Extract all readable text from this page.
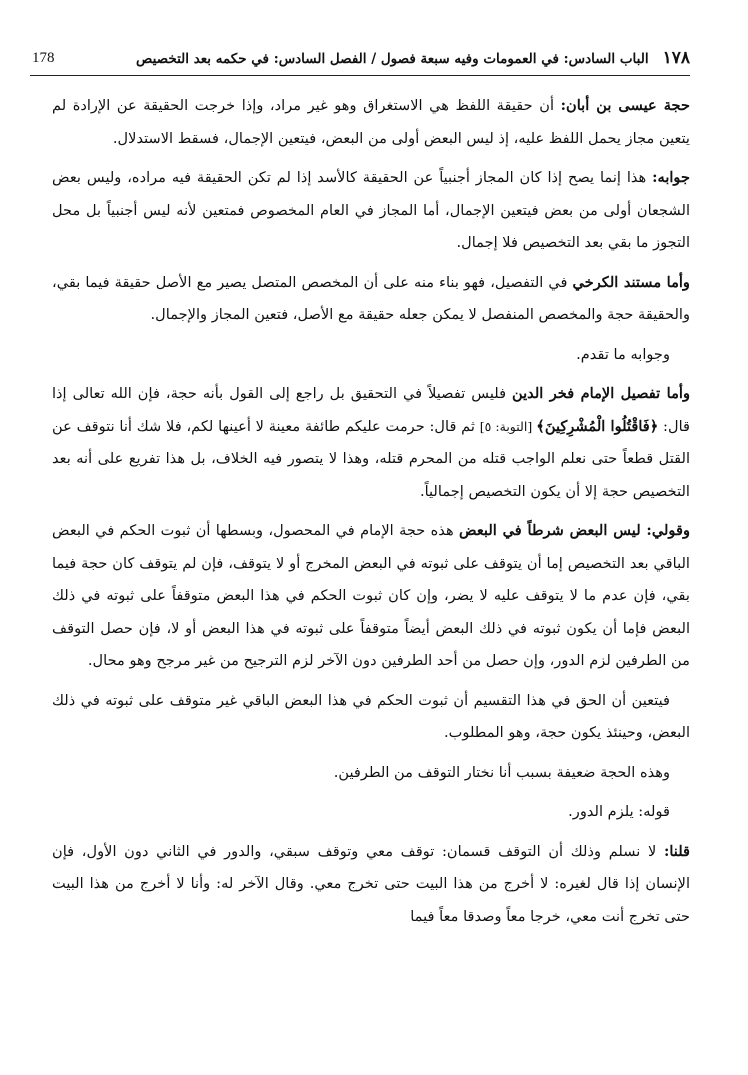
178	١٧٨الباب السادس: في العمومات وفيه سبعة فصول / الفصل السادس: في حكمه بعد التخصيص

حجة عيسى بن أبان: أن حقيقة اللفظ هي الاستغراق وهو غير مراد، وإذا خرجت الحقيقة عن الإرادة لم يتعين مجاز يحمل اللفظ عليه، إذ ليس البعض أولى من البعض، فيتعين الإجمال، فسقط الاستدلال.

جوابه: هذا إنما يصح إذا كان المجاز أجنبياً عن الحقيقة كالأسد إذا لم تكن الحقيقة فيه مراده، وليس بعض الشجعان أولى من بعض فيتعين الإجمال، أما المجاز في العام المخصوص فمتعين لأنه ليس أجنبياً بل محل التجوز ما بقي بعد التخصيص فلا إجمال.

وأما مستند الكرخي في التفصيل، فهو بناء منه على أن المخصص المتصل يصير مع الأصل حقيقة فيما بقي، والحقيقة حجة والمخصص المنفصل لا يمكن جعله حقيقة مع الأصل، فتعين المجاز والإجمال.

وجوابه ما تقدم.

وأما تفصيل الإمام فخر الدين فليس تفصيلاً في التحقيق بل راجع إلى القول بأنه حجة، فإن الله تعالى إذا قال: ﴿فَاقْتُلُوا الْمُشْرِكِينَ﴾ [التوبة: ٥] ثم قال: حرمت عليكم طائفة معينة لا أعينها لكم، فلا شك أنا نتوقف عن القتل قطعاً حتى نعلم الواجب قتله من المحرم قتله، وهذا لا يتصور فيه الخلاف، بل هذا تفريع على أنه بعد التخصيص حجة إلا أن يكون التخصيص إجمالياً.

وقولي: ليس البعض شرطاً في البعض هذه حجة الإمام في المحصول، وبسطها أن ثبوت الحكم في البعض الباقي بعد التخصيص إما أن يتوقف على ثبوته في البعض المخرج أو لا يتوقف، فإن لم يتوقف كان حجة فيما بقي، فإن عدم ما لا يتوقف عليه لا يضر، وإن كان ثبوت الحكم في هذا البعض متوقفاً على ثبوته في ذلك البعض فإما أن يكون ثبوته في ذلك البعض أيضاً متوقفاً على ثبوته في هذا البعض أو لا، فإن حصل التوقف من الطرفين لزم الدور، وإن حصل من أحد الطرفين دون الآخر لزم الترجيح من غير مرجح وهو محال.

فيتعين أن الحق في هذا التقسيم أن ثبوت الحكم في هذا البعض الباقي غير متوقف على ثبوته في ذلك البعض، وحينئذ يكون حجة، وهو المطلوب.

وهذه الحجة ضعيفة بسبب أنا نختار التوقف من الطرفين.

قوله: يلزم الدور.

قلنا: لا نسلم وذلك أن التوقف قسمان: توقف معي وتوقف سبقي، والدور في الثاني دون الأول، فإن الإنسان إذا قال لغيره: لا أخرج من هذا البيت حتى تخرج معي. وقال الآخر له: وأنا لا أخرج من هذا البيت حتى تخرج أنت معي، خرجا معاً وصدقا معاً فيما
